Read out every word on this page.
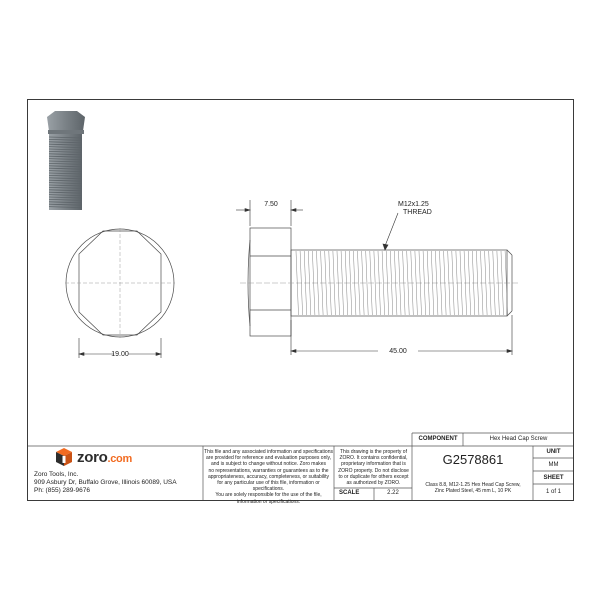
19.00
7.50
45.00
M12x1.25
THREAD
zoro.com
Zoro Tools, Inc.
909 Asbury Dr, Buffalo Grove, Illinois 60089, USA
Ph: (855) 289-9676
This file and any associated information and specifications
are provided for reference and evaluation purposes only,
and is subject to change without notice. Zoro makes
no representations, warranties or guarantees as to the
appropriateness, accuracy, completeness, or suitability
for any particular use of this file, information or specifications.
You are solely responsible for the use of the file,
information or specifications.
This drawing is the property of
ZORO. It contains confidential,
proprietary information that is
ZORO property. Do not disclose
to or duplicate for others except
as authorized by ZORO.
SCALE	2.22
COMPONENT	Hex Head Cap Screw
G2578861
Class 8.8, M12-1.25 Hex Head Cap Screw,
Zinc Plated Steel, 45 mm L, 10 PK
UNIT
MM
SHEET
1 of 1
